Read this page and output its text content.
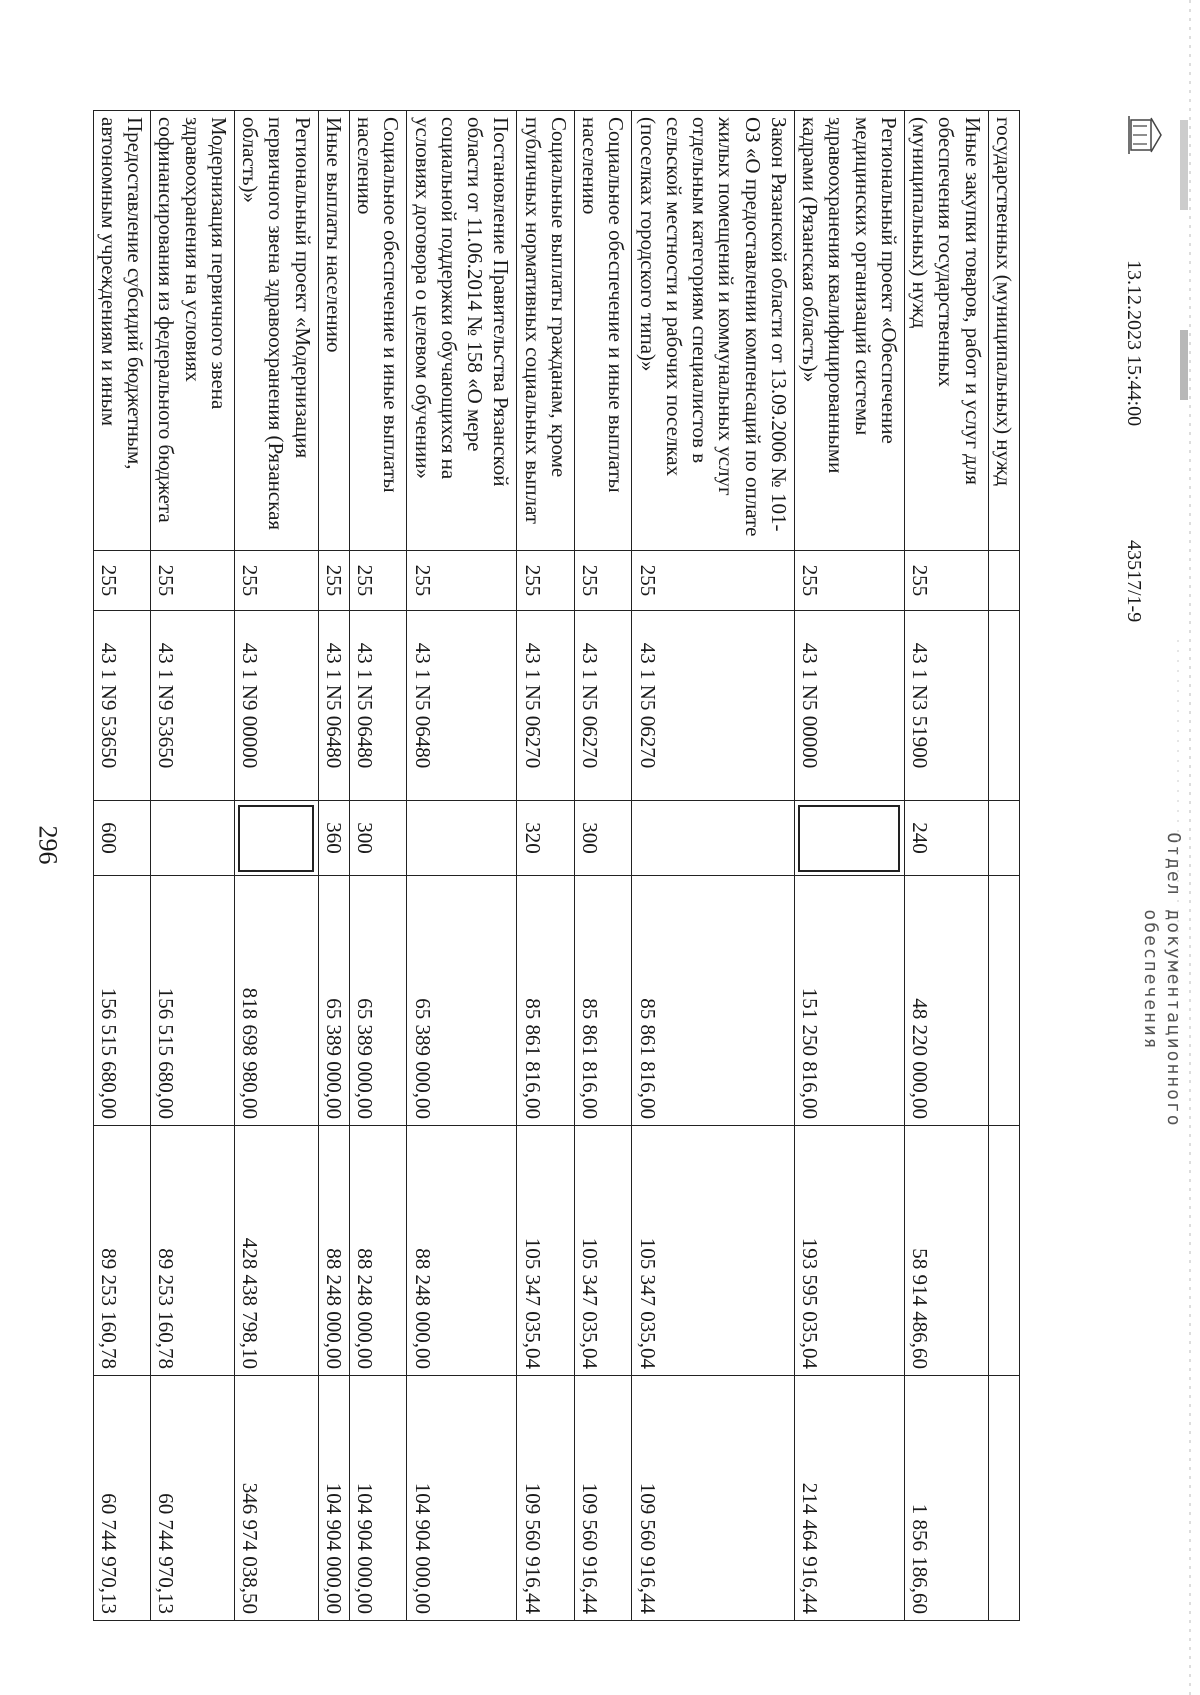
296
государственных (муниципальных) нужд						
Иные закупки товаров, работ и услуг для обеспечения государственных (муниципальных) нужд	255	43 1 N3 51900	240	48 220 000,00	58 914 486,60	1 856 186,60
Региональный проект «Обеспечение медицинских организаций системы здравоохранения квалифицированными кадрами (Рязанская область)»	255	43 1 N5 00000		151 250 816,00	193 595 035,04	214 464 916,44
Закон Рязанской области от 13.09.2006 № 101-ОЗ «О предоставлении компенсаций по оплате жилых помещений и коммунальных услуг отдельным категориям специалистов в сельской местности и рабочих поселках (поселках городского типа)»	255	43 1 N5 06270		85 861 816,00	105 347 035,04	109 560 916,44
Социальное обеспечение и иные выплаты населению	255	43 1 N5 06270	300	85 861 816,00	105 347 035,04	109 560 916,44
Социальные выплаты гражданам, кроме публичных нормативных социальных выплат	255	43 1 N5 06270	320	85 861 816,00	105 347 035,04	109 560 916,44
Постановление Правительства Рязанской области от 11.06.2014 № 158 «О мере социальной поддержки обучающихся на условиях договора о целевом обучении»	255	43 1 N5 06480		65 389 000,00	88 248 000,00	104 904 000,00
Социальное обеспечение и иные выплаты населению	255	43 1 N5 06480	300	65 389 000,00	88 248 000,00	104 904 000,00
Иные выплаты населению	255	43 1 N5 06480	360	65 389 000,00	88 248 000,00	104 904 000,00
Региональный проект «Модернизация первичного звена здравоохранения (Рязанская область)»	255	43 1 N9 00000		818 698 980,00	428 438 798,10	346 974 038,50
Модернизация первичного звена здравоохранения на условиях софинансирования из федерального бюджета	255	43 1 N9 53650		156 515 680,00	89 253 160,78	60 744 970,13
Предоставление субсидий бюджетным, автономным учреждениям и иным	255	43 1 N9 53650	600	156 515 680,00	89 253 160,78	60 744 970,13
13.12.2023 15:44:00
43517/1-9
Отдел документационного
обеспечения
